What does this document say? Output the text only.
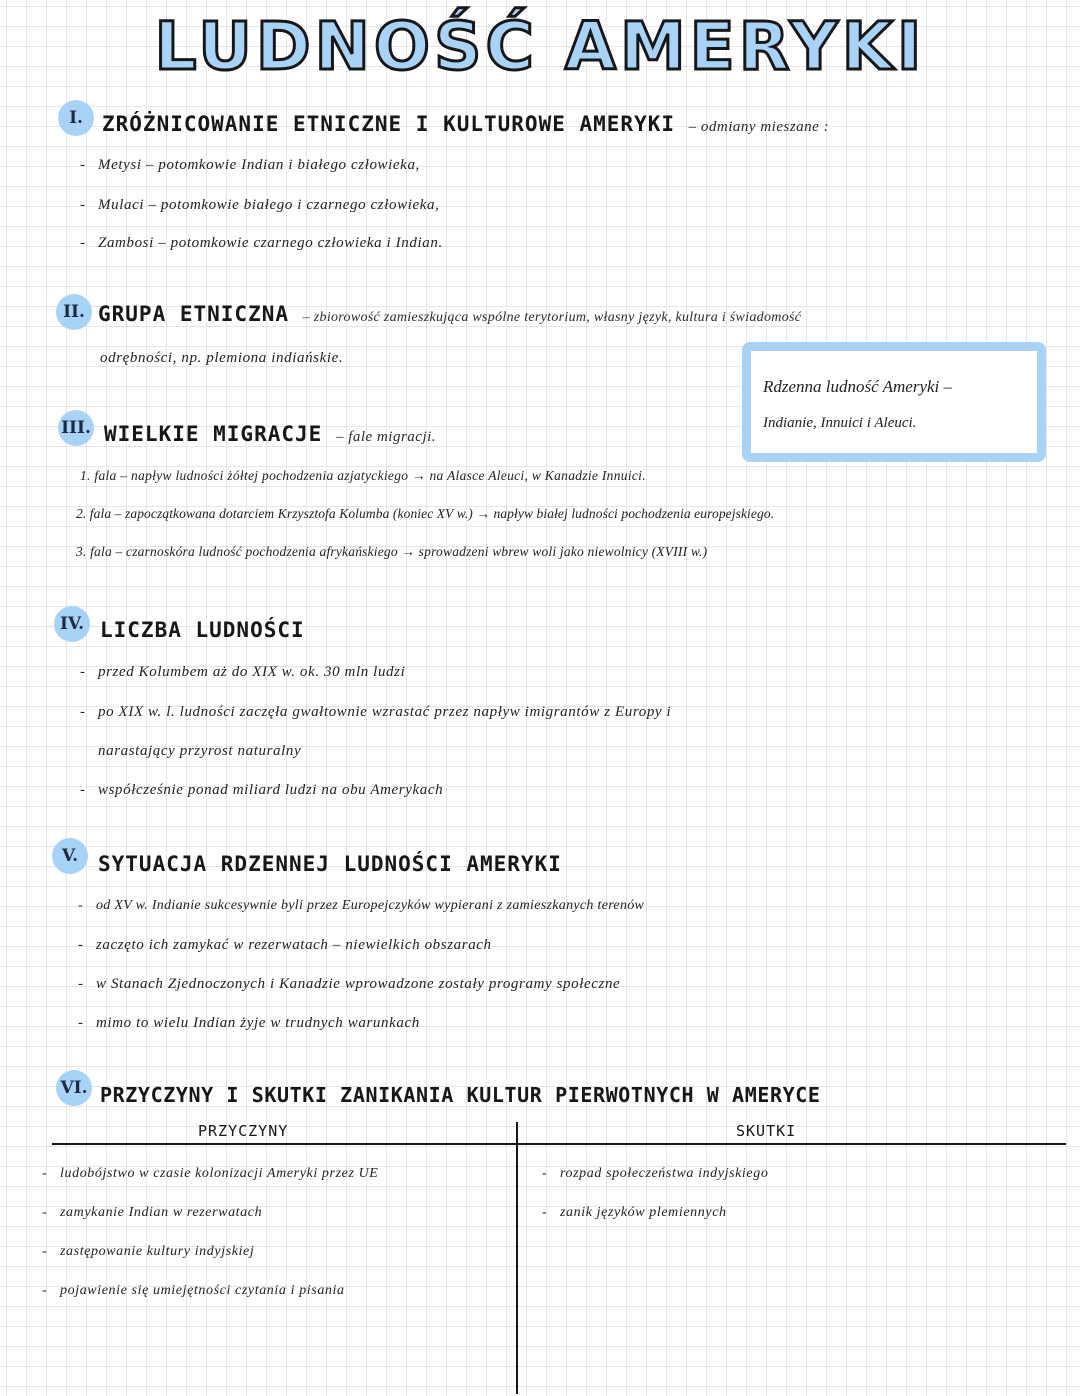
LUDNOŚĆ AMERYKI
I. ZRÓŻNICOWANIE ETNICZNE I KULTUROWE AMERYKI – odmiany mieszane :
- Metysi – potomkowie Indian i białego człowieka,
- Mulaci – potomkowie białego i czarnego człowieka,
- Zambosi – potomkowie czarnego człowieka i Indian.
II. GRUPA ETNICZNA – zbiorowość zamieszkująca wspólne terytorium, własny język, kultura i świadomość
odrębności, np. plemiona indiańskie.
Rdzenna ludność Ameryki –
Indianie, Innuici i Aleuci.
III. WIELKIE MIGRACJE – fale migracji.
1. fala – napływ ludności żółtej pochodzenia azjatyckiego → na Alasce Aleuci, w Kanadzie Innuici.
2. fala – zapoczątkowana dotarciem Krzysztofa Kolumba (koniec XV w.) → napływ białej ludności pochodzenia europejskiego.
3. fala – czarnoskóra ludność pochodzenia afrykańskiego → sprowadzeni wbrew woli jako niewolnicy (XVIII w.)
IV. LICZBA LUDNOŚCI
- przed Kolumbem aż do XIX w. ok. 30 mln ludzi
- po XIX w. l. ludności zaczęła gwałtownie wzrastać przez napływ imigrantów z Europy i
narastający przyrost naturalny
- współcześnie ponad miliard ludzi na obu Amerykach
V. SYTUACJA RDZENNEJ LUDNOŚCI AMERYKI
- od XV w. Indianie sukcesywnie byli przez Europejczyków wypierani z zamieszkanych terenów
- zaczęto ich zamykać w rezerwatach – niewielkich obszarach
- w Stanach Zjednoczonych i Kanadzie wprowadzone zostały programy społeczne
- mimo to wielu Indian żyje w trudnych warunkach
VI. PRZYCZYNY I SKUTKI ZANIKANIA KULTUR PIERWOTNYCH W AMERYCE
PRZYCZYNY	SKUTKI
- ludobójstwo w czasie kolonizacji Ameryki przez UE
- zamykanie Indian w rezerwatach
- zastępowanie kultury indyjskiej
- pojawienie się umiejętności czytania i pisania
- rozpad społeczeństwa indyjskiego
- zanik języków plemiennych
